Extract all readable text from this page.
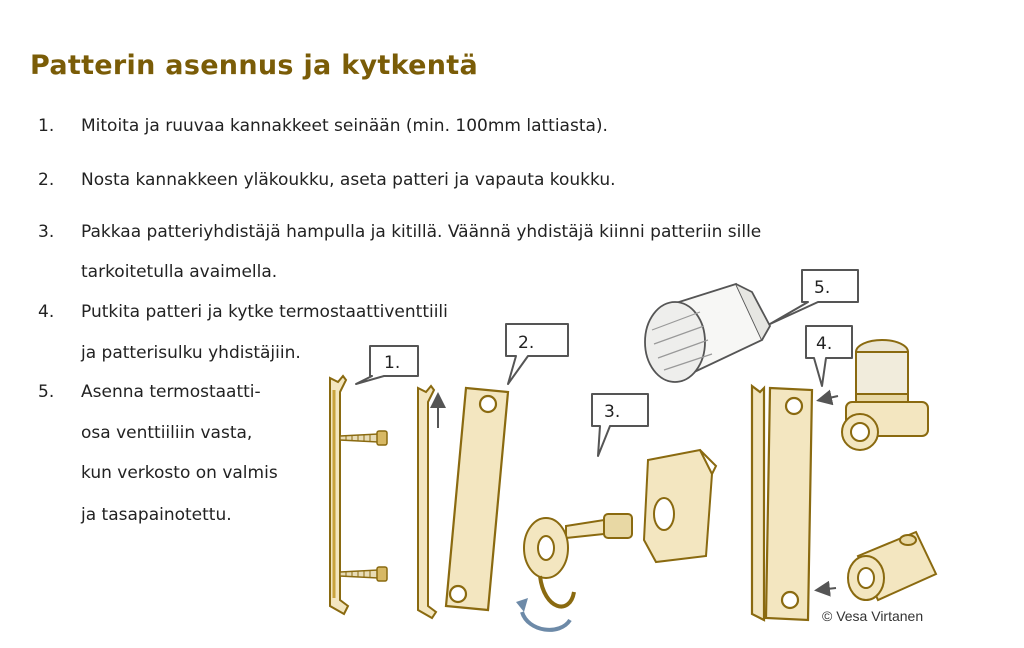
Patterin asennus ja kytkentä
1. Mitoita ja ruuvaa kannakkeet seinään (min. 100mm lattiasta).
2. Nosta kannakkeen yläkoukku, aseta patteri ja vapauta koukku.
3. Pakkaa patteriyhdistäjä hampulla ja kitillä. Väännä yhdistäjä kiinni patteriin sille
tarkoitetulla avaimella.
4. Putkita patteri ja kytke termostaattiventtiili
ja patterisulku yhdistäjiin.
5. Asenna termostaatti-
osa venttiiliin vasta,
kun verkosto on valmis
ja tasapainotettu.
1.
2.
3.
5.
4.
© Vesa Virtanen
